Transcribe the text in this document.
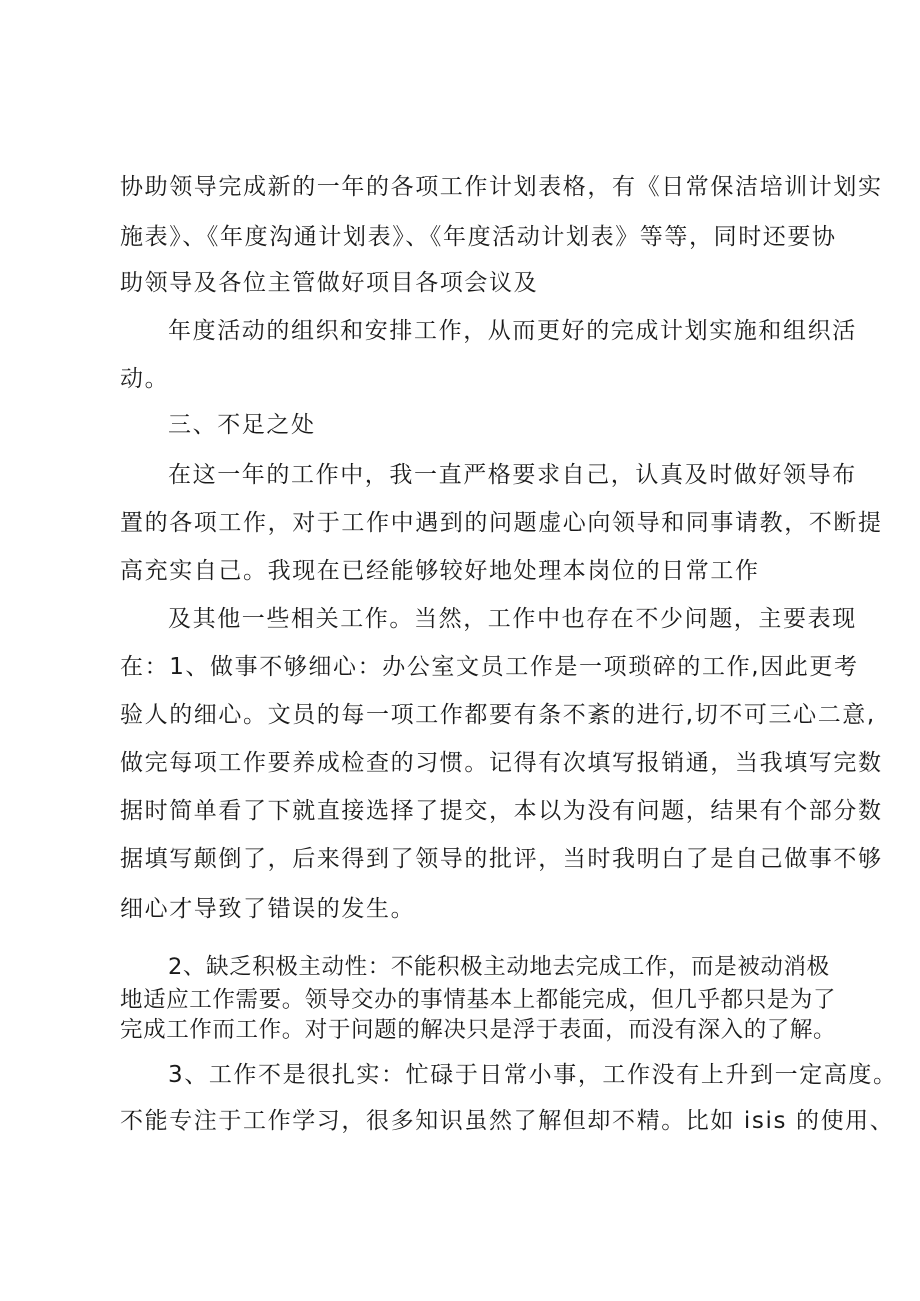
协助领导完成新的一年的各项工作计划表格，有《日常保洁培训计划实

施表》、《年度沟通计划表》、《年度活动计划表》等等，同时还要协

助领导及各位主管做好项目各项会议及

年度活动的组织和安排工作，从而更好的完成计划实施和组织活

动。

三、不足之处

在这一年的工作中，我一直严格要求自己，认真及时做好领导布

置的各项工作，对于工作中遇到的问题虚心向领导和同事请教，不断提

高充实自己。我现在已经能够较好地处理本岗位的日常工作

及其他一些相关工作。当然，工作中也存在不少问题，主要表现

在：1、做事不够细心：办公室文员工作是一项琐碎的工作,因此更考

验人的细心。文员的每一项工作都要有条不紊的进行,切不可三心二意,

做完每项工作要养成检查的习惯。记得有次填写报销通，当我填写完数

据时简单看了下就直接选择了提交，本以为没有问题，结果有个部分数

据填写颠倒了，后来得到了领导的批评，当时我明白了是自己做事不够

细心才导致了错误的发生。

2、缺乏积极主动性：不能积极主动地去完成工作，而是被动消极

地适应工作需要。领导交办的事情基本上都能完成，但几乎都只是为了

完成工作而工作。对于问题的解决只是浮于表面，而没有深入的了解。

3、工作不是很扎实：忙碌于日常小事，工作没有上升到一定高度。

不能专注于工作学习，很多知识虽然了解但却不精。比如 isis 的使用、
